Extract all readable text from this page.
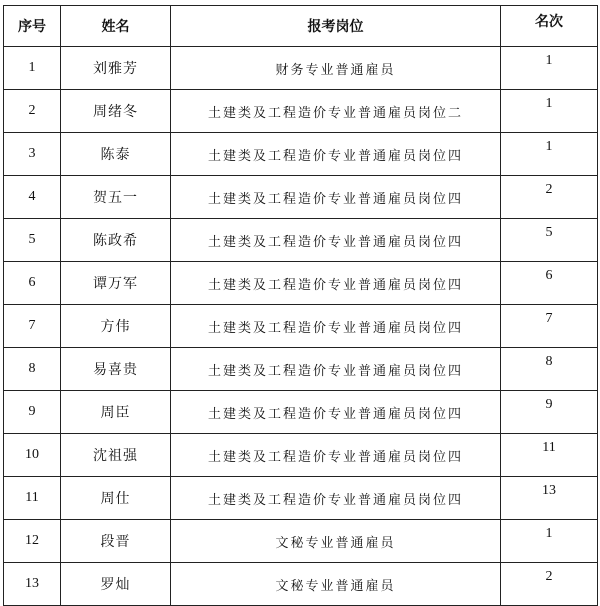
序号	姓名	报考岗位	名次
1	刘雅芳	财务专业普通雇员	1
2	周绪冬	土建类及工程造价专业普通雇员岗位二	1
3	陈泰	土建类及工程造价专业普通雇员岗位四	1
4	贺五一	土建类及工程造价专业普通雇员岗位四	2
5	陈政希	土建类及工程造价专业普通雇员岗位四	5
6	谭万军	土建类及工程造价专业普通雇员岗位四	6
7	方伟	土建类及工程造价专业普通雇员岗位四	7
8	易喜贵	土建类及工程造价专业普通雇员岗位四	8
9	周臣	土建类及工程造价专业普通雇员岗位四	9
10	沈祖强	土建类及工程造价专业普通雇员岗位四	11
11	周仕	土建类及工程造价专业普通雇员岗位四	13
12	段晋	文秘专业普通雇员	1
13	罗灿	文秘专业普通雇员	2
